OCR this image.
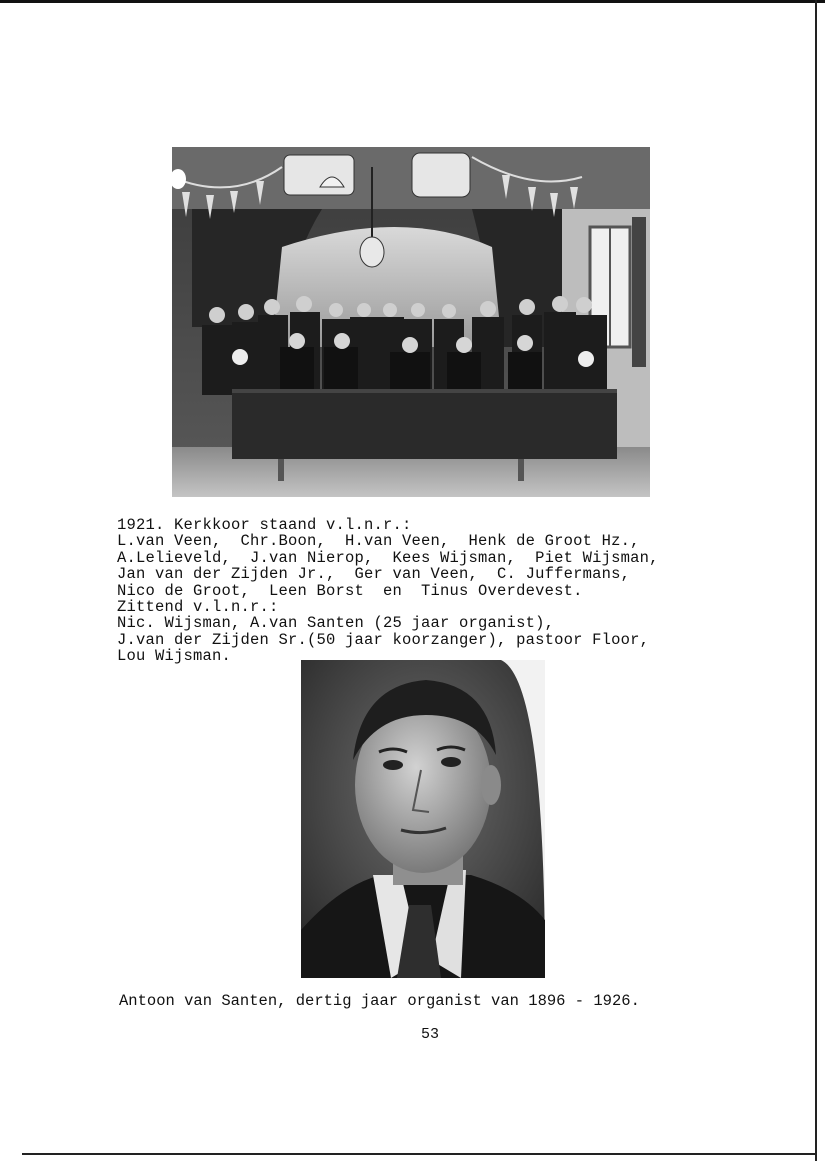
1921. Kerkkoor staand v.l.n.r.:
L.van Veen,  Chr.Boon,  H.van Veen,  Henk de Groot Hz.,
A.Lelieveld,  J.van Nierop,  Kees Wijsman,  Piet Wijsman,
Jan van der Zijden Jr.,  Ger van Veen,  C. Juffermans,
Nico de Groot,  Leen Borst  en  Tinus Overdevest.
Zittend v.l.n.r.:
Nic. Wijsman, A.van Santen (25 jaar organist),
J.van der Zijden Sr.(50 jaar koorzanger), pastoor Floor,
Lou Wijsman.
Antoon van Santen, dertig jaar organist van 1896 - 1926.
53
